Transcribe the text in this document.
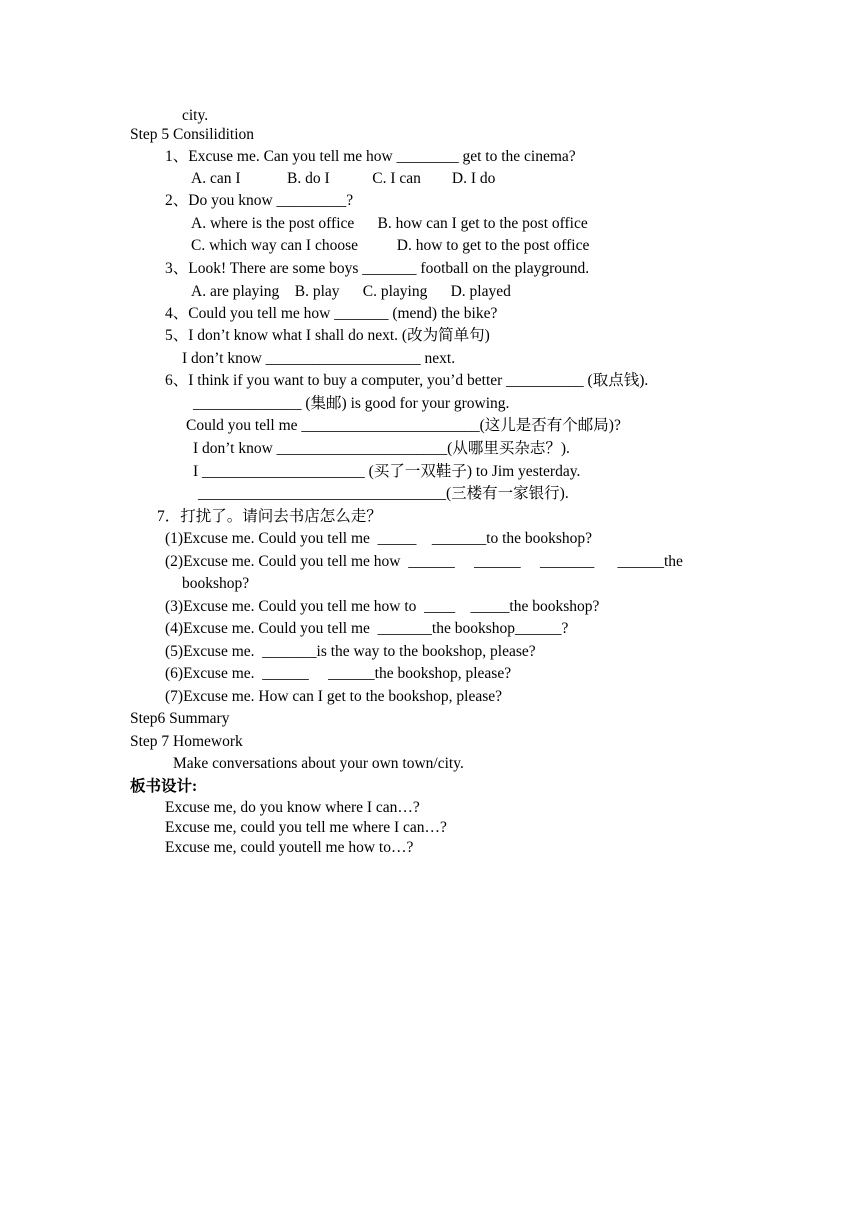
city.
Step 5 Consilidition
1、Excuse me. Can you tell me how ________ get to the cinema?
A. can I            B. do I           C. I can        D. I do
2、Do you know _________?
A. where is the post office      B. how can I get to the post office
C. which way can I choose          D. how to get to the post office
3、Look! There are some boys _______ football on the playground.
A. are playing    B. play      C. playing      D. played
4、Could you tell me how _______ (mend) the bike?
5、I don’t know what I shall do next. (改为简单句)
I don’t know ____________________ next.
6、I think if you want to buy a computer, you’d better __________ (取点钱).
______________ (集邮) is good for your growing.
Could you tell me _______________________(这儿是否有个邮局)?
I don’t know ______________________(从哪里买杂志？).
I _____________________ (买了一双鞋子) to Jim yesterday.
________________________________(三楼有一家银行).
7．打扰了。请问去书店怎么走？
(1)Excuse me. Could you tell me  _____    _______to the bookshop?
(2)Excuse me. Could you tell me how  ______     ______     _______      ______the
bookshop?
(3)Excuse me. Could you tell me how to  ____    _____the bookshop?
(4)Excuse me. Could you tell me  _______the bookshop______?
(5)Excuse me.  _______is the way to the bookshop, please?
(6)Excuse me.  ______     ______the bookshop, please?
(7)Excuse me. How can I get to the bookshop, please?
Step6 Summary
Step 7 Homework
Make conversations about your own town/city.
板书设计:
Excuse me, do you know where I can…?
Excuse me, could you tell me where I can…?
Excuse me, could youtell me how to…?
